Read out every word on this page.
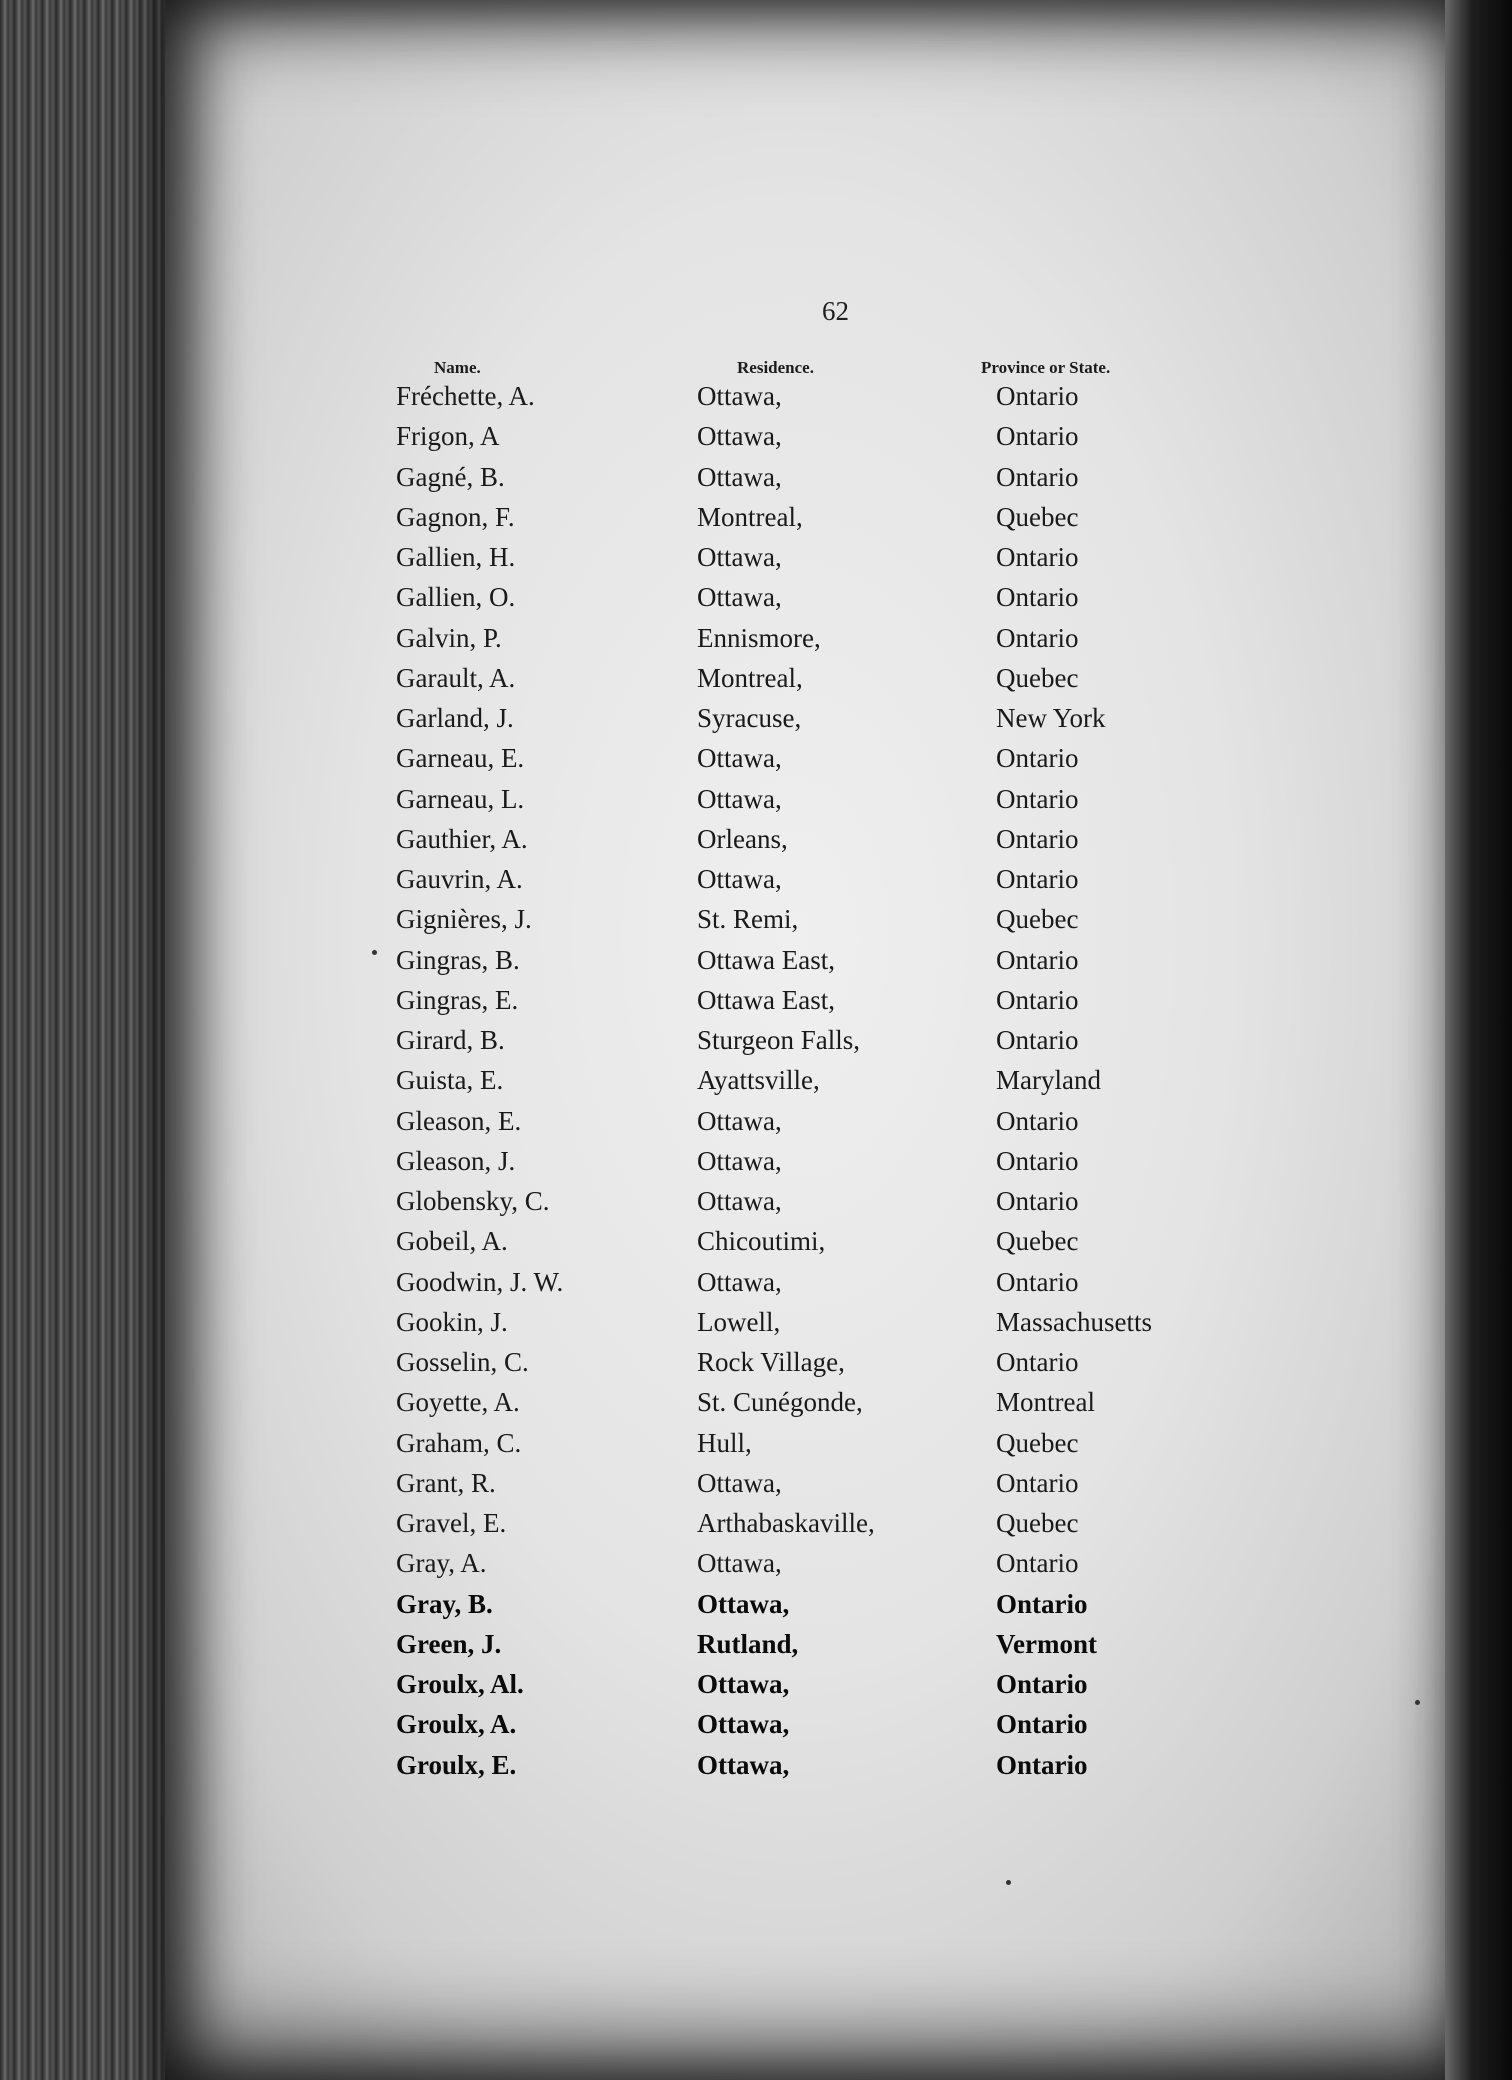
62
Name.	Residence.	Province or State.
Fréchette, A.	Ottawa,	Ontario
Frigon, A	Ottawa,	Ontario
Gagné, B.	Ottawa,	Ontario
Gagnon, F.	Montreal,	Quebec
Gallien, H.	Ottawa,	Ontario
Gallien, O.	Ottawa,	Ontario
Galvin, P.	Ennismore,	Ontario
Garault, A.	Montreal,	Quebec
Garland, J.	Syracuse,	New York
Garneau, E.	Ottawa,	Ontario
Garneau, L.	Ottawa,	Ontario
Gauthier, A.	Orleans,	Ontario
Gauvrin, A.	Ottawa,	Ontario
Gignières, J.	St. Remi,	Quebec
Gingras, B.	Ottawa East,	Ontario
Gingras, E.	Ottawa East,	Ontario
Girard, B.	Sturgeon Falls,	Ontario
Guista, E.	Ayattsville,	Maryland
Gleason, E.	Ottawa,	Ontario
Gleason, J.	Ottawa,	Ontario
Globensky, C.	Ottawa,	Ontario
Gobeil, A.	Chicoutimi,	Quebec
Goodwin, J. W.	Ottawa,	Ontario
Gookin, J.	Lowell,	Massachusetts
Gosselin, C.	Rock Village,	Ontario
Goyette, A.	St. Cunégonde,	Montreal
Graham, C.	Hull,	Quebec
Grant, R.	Ottawa,	Ontario
Gravel, E.	Arthabaskaville,	Quebec
Gray, A.	Ottawa,	Ontario
Gray, B.	Ottawa,	Ontario
Green, J.	Rutland,	Vermont
Groulx, Al.	Ottawa,	Ontario
Groulx, A.	Ottawa,	Ontario
Groulx, E.	Ottawa,	Ontario
